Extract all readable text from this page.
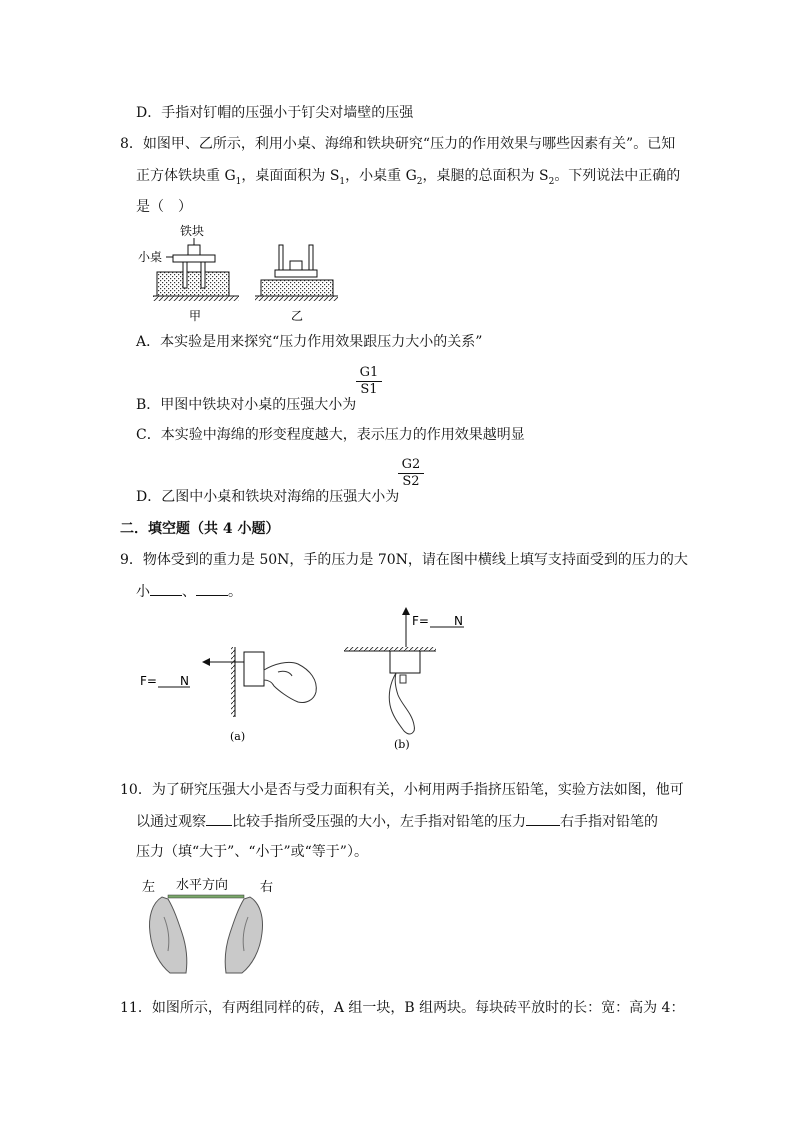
D．手指对钉帽的压强小于钉尖对墙壁的压强
8．如图甲、乙所示，利用小桌、海绵和铁块研究“压力的作用效果与哪些因素有关”。已知
正方体铁块重 $G_1$，桌面面积为 $S_1$，小桌重 $G_2$，桌腿的总面积为 $S_2$。下列说法中正确的
是（　）
铁块
小桌
甲	乙
A．本实验是用来探究“压力作用效果跟压力大小的关系”
B．甲图中铁块对小桌的压强大小为
$\frac{G1}{S1}$
C．本实验中海绵的形变程度越大，表示压力的作用效果越明显
D．乙图中小桌和铁块对海绵的压强大小为
$\frac{G2}{S2}$
二．填空题（共 4 小题）
9．物体受到的重力是 50N，手的压力是 70N，请在图中横线上填写支持面受到的压力的大
小 、 。
F= N
(a)
F= N
(b)
10．为了研究压强大小是否与受力面积有关，小柯用两手指挤压铅笔，实验方法如图，他可
以通过观察 比较手指所受压强的大小，左手指对铅笔的压力 右手指对铅笔的
压力（填“大于”、“小于”或“等于”）。
左 水平方向 右
11．如图所示，有两组同样的砖，A 组一块，B 组两块。每块砖平放时的长：宽：高为 4：
